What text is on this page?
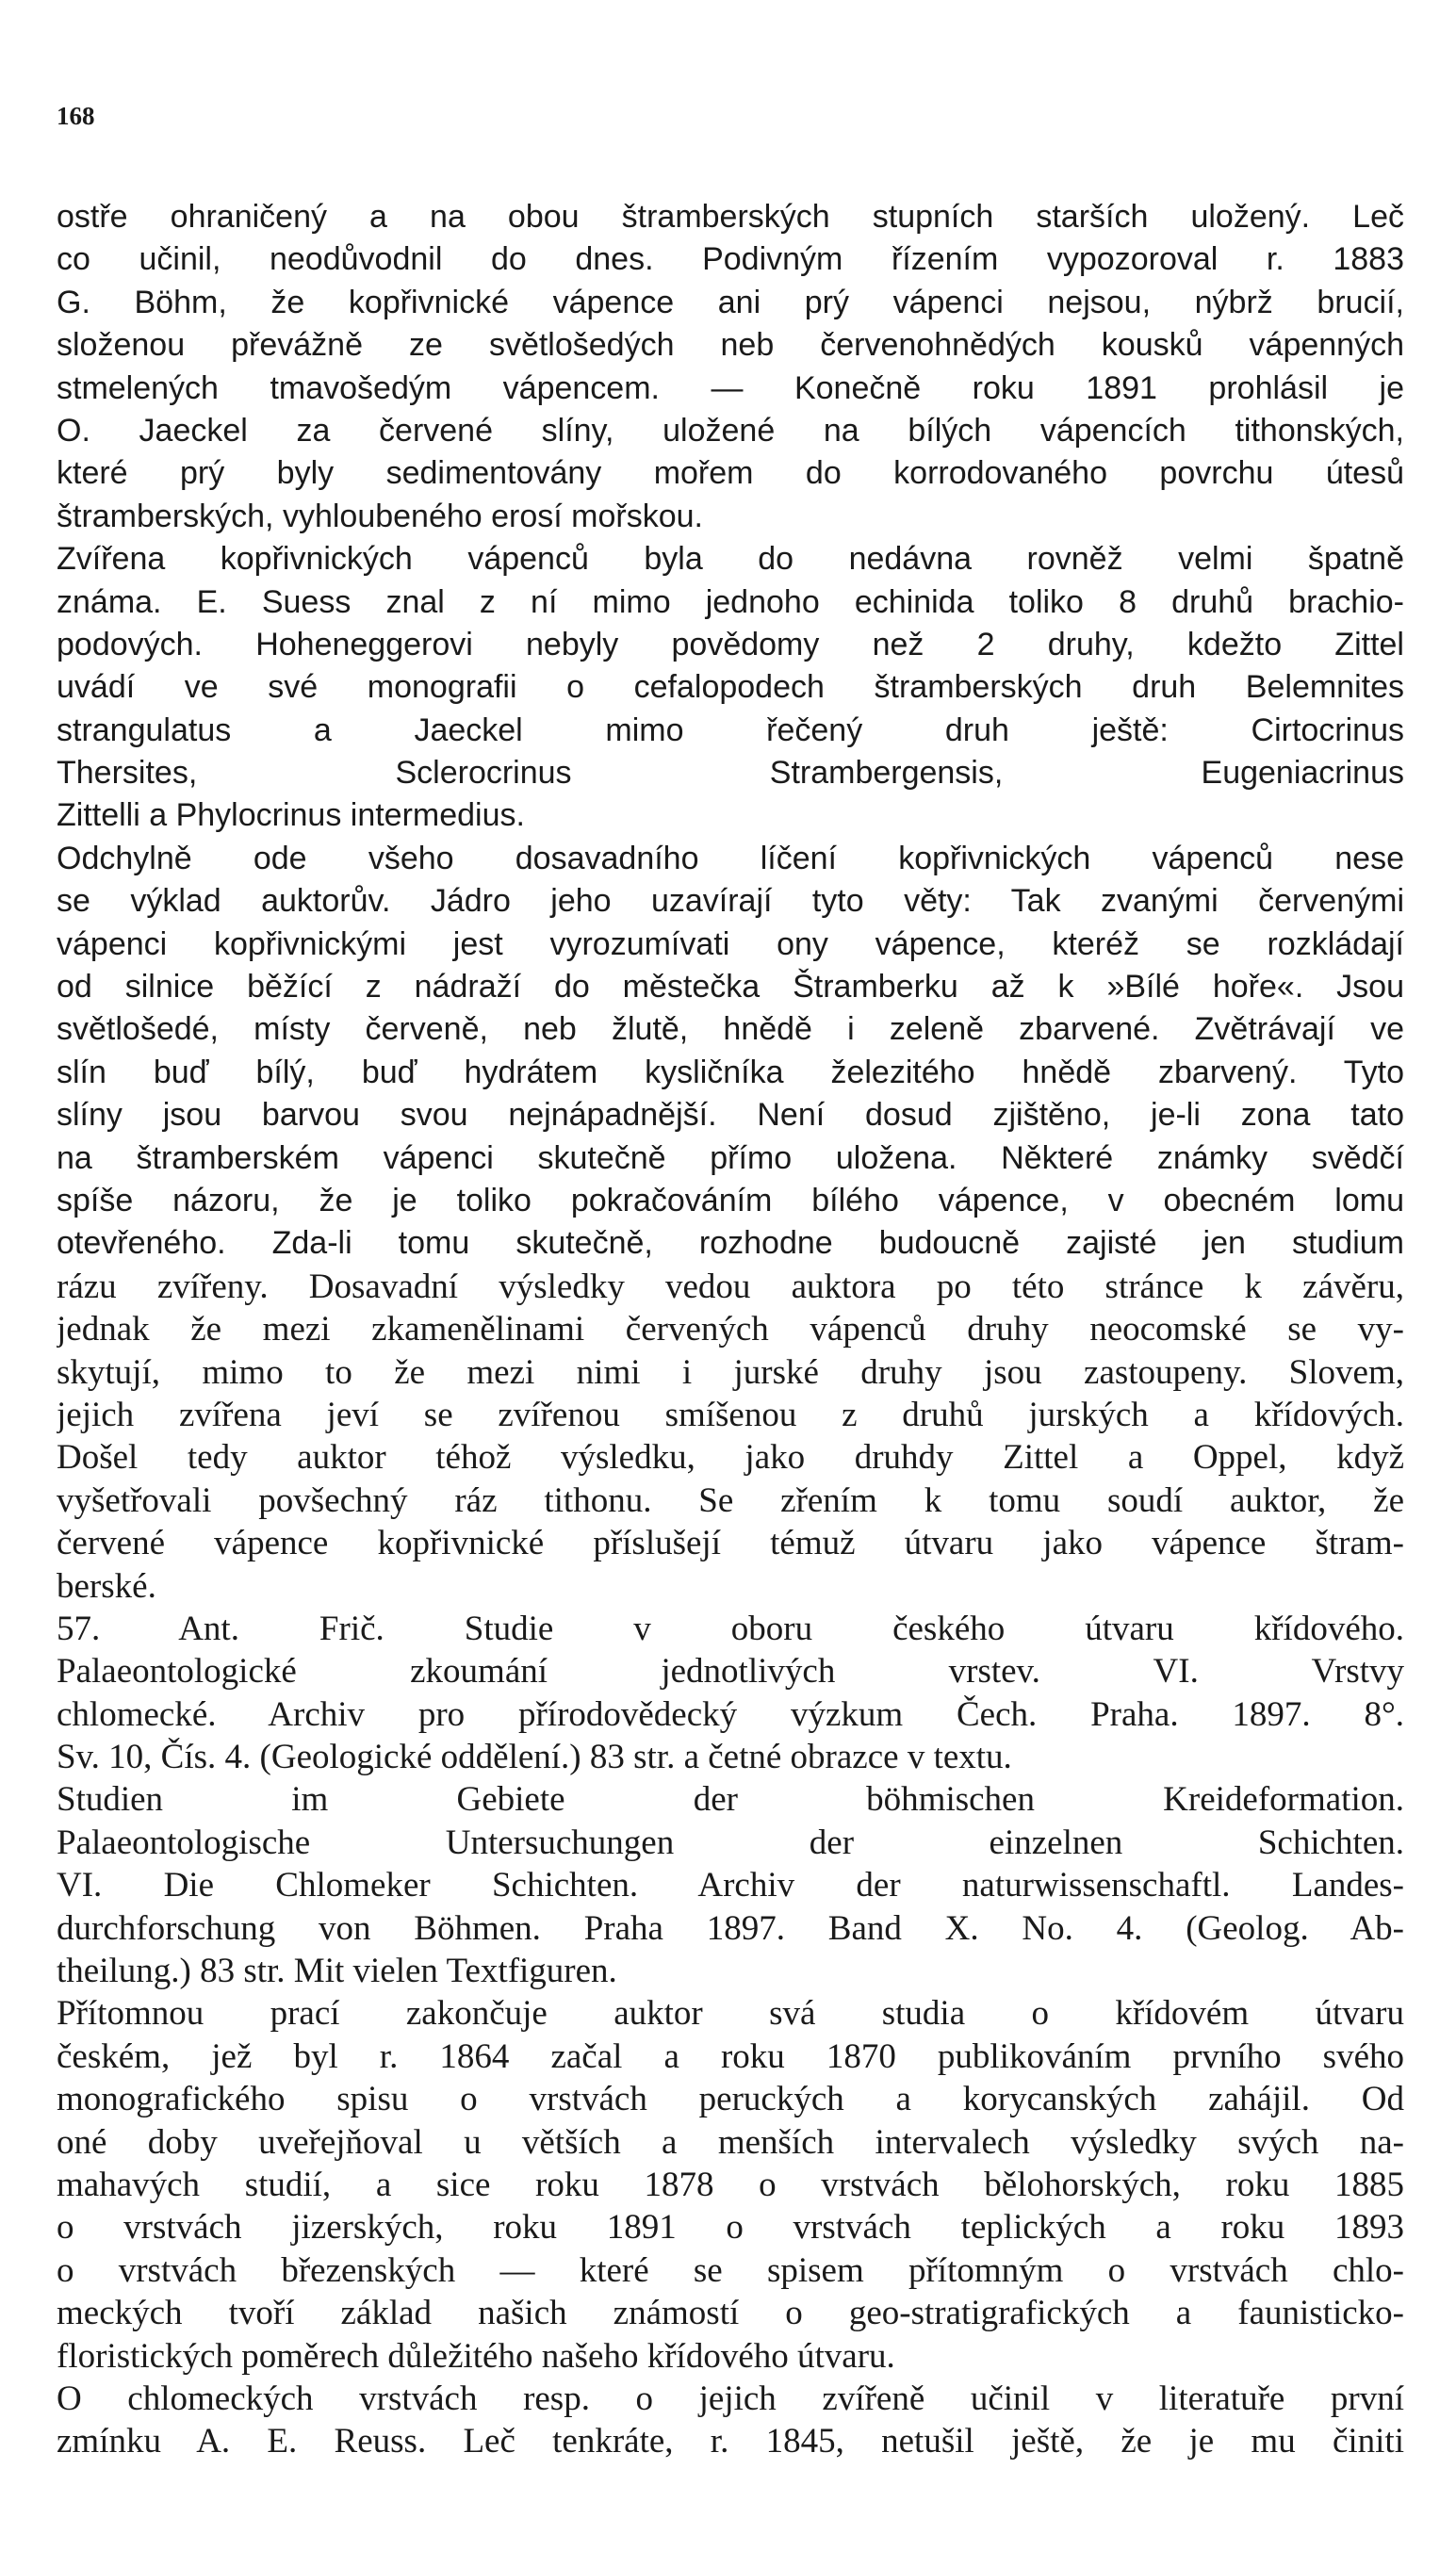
168
ostře ohraničený a na obou štramberských stupních starších uložený. Leč
co učinil, neodůvodnil do dnes. Podivným řízením vypozoroval r. 1883
G. Böhm, že kopřivnické vápence ani prý vápenci nejsou, nýbrž brucií,
složenou převážně ze světlošedých neb červenohnědých kousků vápenných
stmelených tmavošedým vápencem. — Konečně roku 1891 prohlásil je
O. Jaeckel za červené slíny, uložené na bílých vápencích tithonských,
které prý byly sedimentovány mořem do korrodovaného povrchu útesů
štramberských, vyhloubeného erosí mořskou.
Zvířena kopřivnických vápenců byla do nedávna rovněž velmi špatně
známa. E. Suess znal z ní mimo jednoho echinida toliko 8 druhů brachio-
podových. Hoheneggerovi nebyly povědomy než 2 druhy, kdežto Zittel
uvádí ve své monografii o cefalopodech štramberských druh Belemnites
strangulatus a Jaeckel mimo řečený druh ještě: Cirtocrinus
Thersites, Sclerocrinus Strambergensis, Eugeniacrinus
Zittelli a Phylocrinus intermedius.
Odchylně ode všeho dosavadního líčení kopřivnických vápenců nese
se výklad auktorův. Jádro jeho uzavírají tyto věty: Tak zvanými červenými
vápenci kopřivnickými jest vyrozumívati ony vápence, kteréž se rozkládají
od silnice běžící z nádraží do městečka Štramberku až k »Bílé hoře«. Jsou
světlošedé, místy červeně, neb žlutě, hnědě i zeleně zbarvené. Zvětrávají ve
slín buď bílý, buď hydrátem kysličníka železitého hnědě zbarvený. Tyto
slíny jsou barvou svou nejnápadnější. Není dosud zjištěno, je-li zona tato
na štramberském vápenci skutečně přímo uložena. Některé známky svědčí
spíše názoru, že je toliko pokračováním bílého vápence, v obecném lomu
otevřeného. Zda-li tomu skutečně, rozhodne budoucně zajisté jen studium
rázu zvířeny. Dosavadní výsledky vedou auktora po této stránce k závěru,
jednak že mezi zkamenělinami červených vápenců druhy neocomské se vy-
skytují, mimo to že mezi nimi i jurské druhy jsou zastoupeny. Slovem,
jejich zvířena jeví se zvířenou smíšenou z druhů jurských a křídových.
Došel tedy auktor téhož výsledku, jako druhdy Zittel a Oppel, když
vyšetřovali povšechný ráz tithonu. Se zřením k tomu soudí auktor, že
červené vápence kopřivnické příslušejí témuž útvaru jako vápence štram-
berské.
57. Ant. Frič. Studie v oboru českého útvaru křídového.
Palaeontologické zkoumání jednotlivých vrstev. VI. Vrstvy
chlomecké. Archiv pro přírodovědecký výzkum Čech. Praha. 1897. 8°.
Sv. 10, Čís. 4. (Geologické oddělení.) 83 str. a četné obrazce v textu.
Studien im Gebiete der böhmischen Kreideformation.
Palaeontologische Untersuchungen der einzelnen Schichten.
VI. Die Chlomeker Schichten. Archiv der naturwissenschaftl. Landes-
durchforschung von Böhmen. Praha 1897. Band X. No. 4. (Geolog. Ab-
theilung.) 83 str. Mit vielen Textfiguren.
Přítomnou prací zakončuje auktor svá studia o křídovém útvaru
českém, jež byl r. 1864 začal a roku 1870 publikováním prvního svého
monografického spisu o vrstvách peruckých a korycanských zahájil. Od
oné doby uveřejňoval u větších a menších intervalech výsledky svých na-
mahavých studií, a sice roku 1878 o vrstvách bělohorských, roku 1885
o vrstvách jizerských, roku 1891 o vrstvách teplických a roku 1893
o vrstvách březenských — které se spisem přítomným o vrstvách chlo-
meckých tvoří základ našich známostí o geo-stratigrafických a faunisticko-
floristických poměrech důležitého našeho křídového útvaru.
O chlomeckých vrstvách resp. o jejich zvířeně učinil v literatuře první
zmínku A. E. Reuss. Leč tenkráte, r. 1845, netušil ještě, že je mu činiti
